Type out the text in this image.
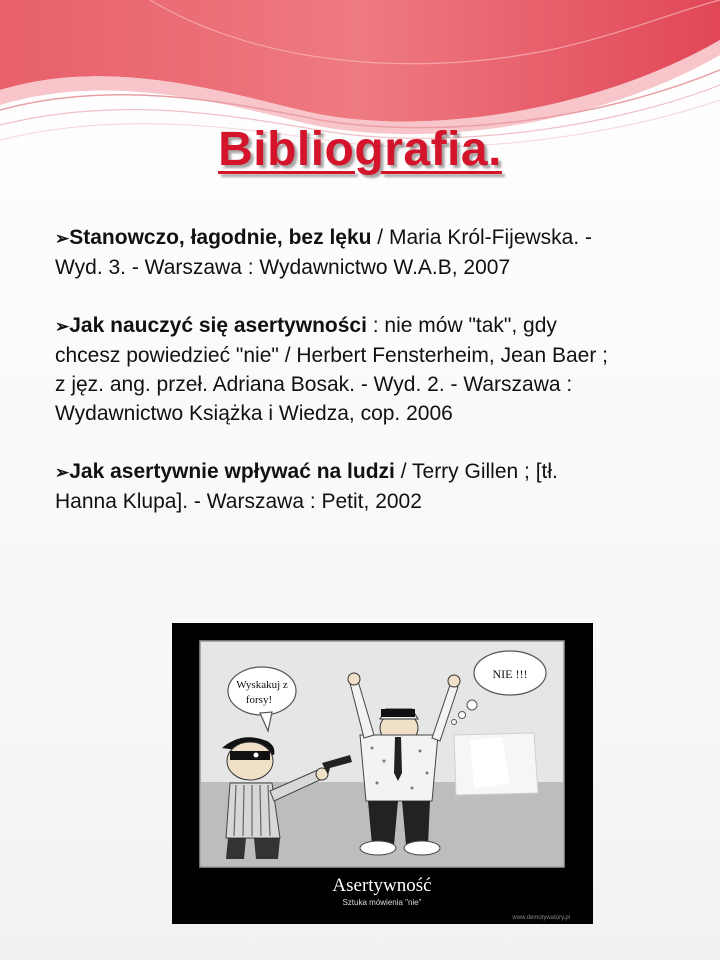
Bibliografia.

➢Stanowczo, łagodnie, bez lęku / Maria Król-Fijewska. - Wyd. 3. - Warszawa : Wydawnictwo W.A.B, 2007

➢Jak nauczyć się asertywności : nie mów "tak", gdy chcesz powiedzieć "nie" / Herbert Fensterheim, Jean Baer ; z jęz. ang. przeł. Adriana Bosak. - Wyd. 2. - Warszawa : Wydawnictwo Książka i Wiedza, cop. 2006

➢Jak asertywnie wpływać na ludzi / Terry Gillen ; [tł. Hanna Klupa]. - Warszawa : Petit, 2002

Wyskakuj z
forsy!
NIE !!!
Asertywność
Sztuka mówienia "nie"
www.demotywatory.pl
